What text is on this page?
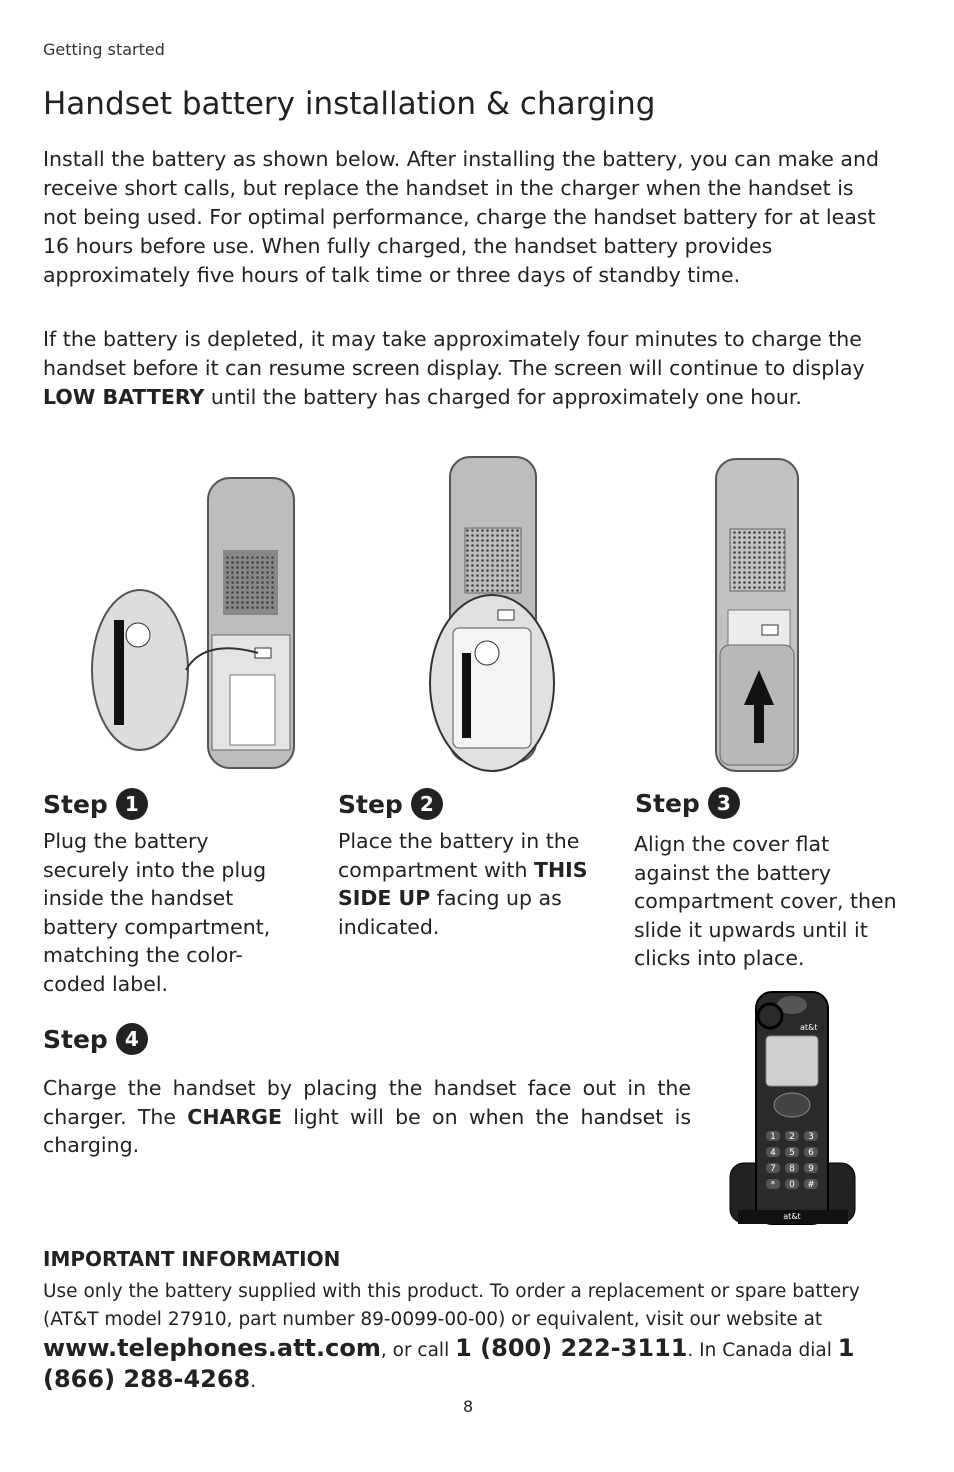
Getting started
Handset battery installation & charging

Install the battery as shown below. After installing the battery, you can make and receive short calls, but replace the handset in the charger when the handset is not being used. For optimal performance, charge the handset battery for at least 16 hours before use. When fully charged, the handset battery provides approximately five hours of talk time or three days of standby time.

If the battery is depleted, it may take approximately four minutes to charge the handset before it can resume screen display. The screen will continue to display LOW BATTERY until the battery has charged for approximately one hour.

Step 1

Plug the battery securely into the plug inside the handset battery compartment, matching the color-coded label.

Step 2

Place the battery in the compartment with THIS SIDE UP facing up as indicated.

Step 3

Align the cover flat against the battery compartment cover, then slide it upwards until it clicks into place.

Step 4

Charge the handset by placing the handset face out in the charger. The CHARGE light will be on when the handset is charging.

at&t
1 2 3
4 5 6
7 8 9
* 0 #
at&t
IMPORTANT INFORMATION

Use only the battery supplied with this product. To order a replacement or spare battery (AT&T model 27910, part number 89-0099-00-00) or equivalent, visit our website at www.telephones.att.com, or call 1 (800) 222-3111. In Canada dial 1 (866) 288-4268.

8
